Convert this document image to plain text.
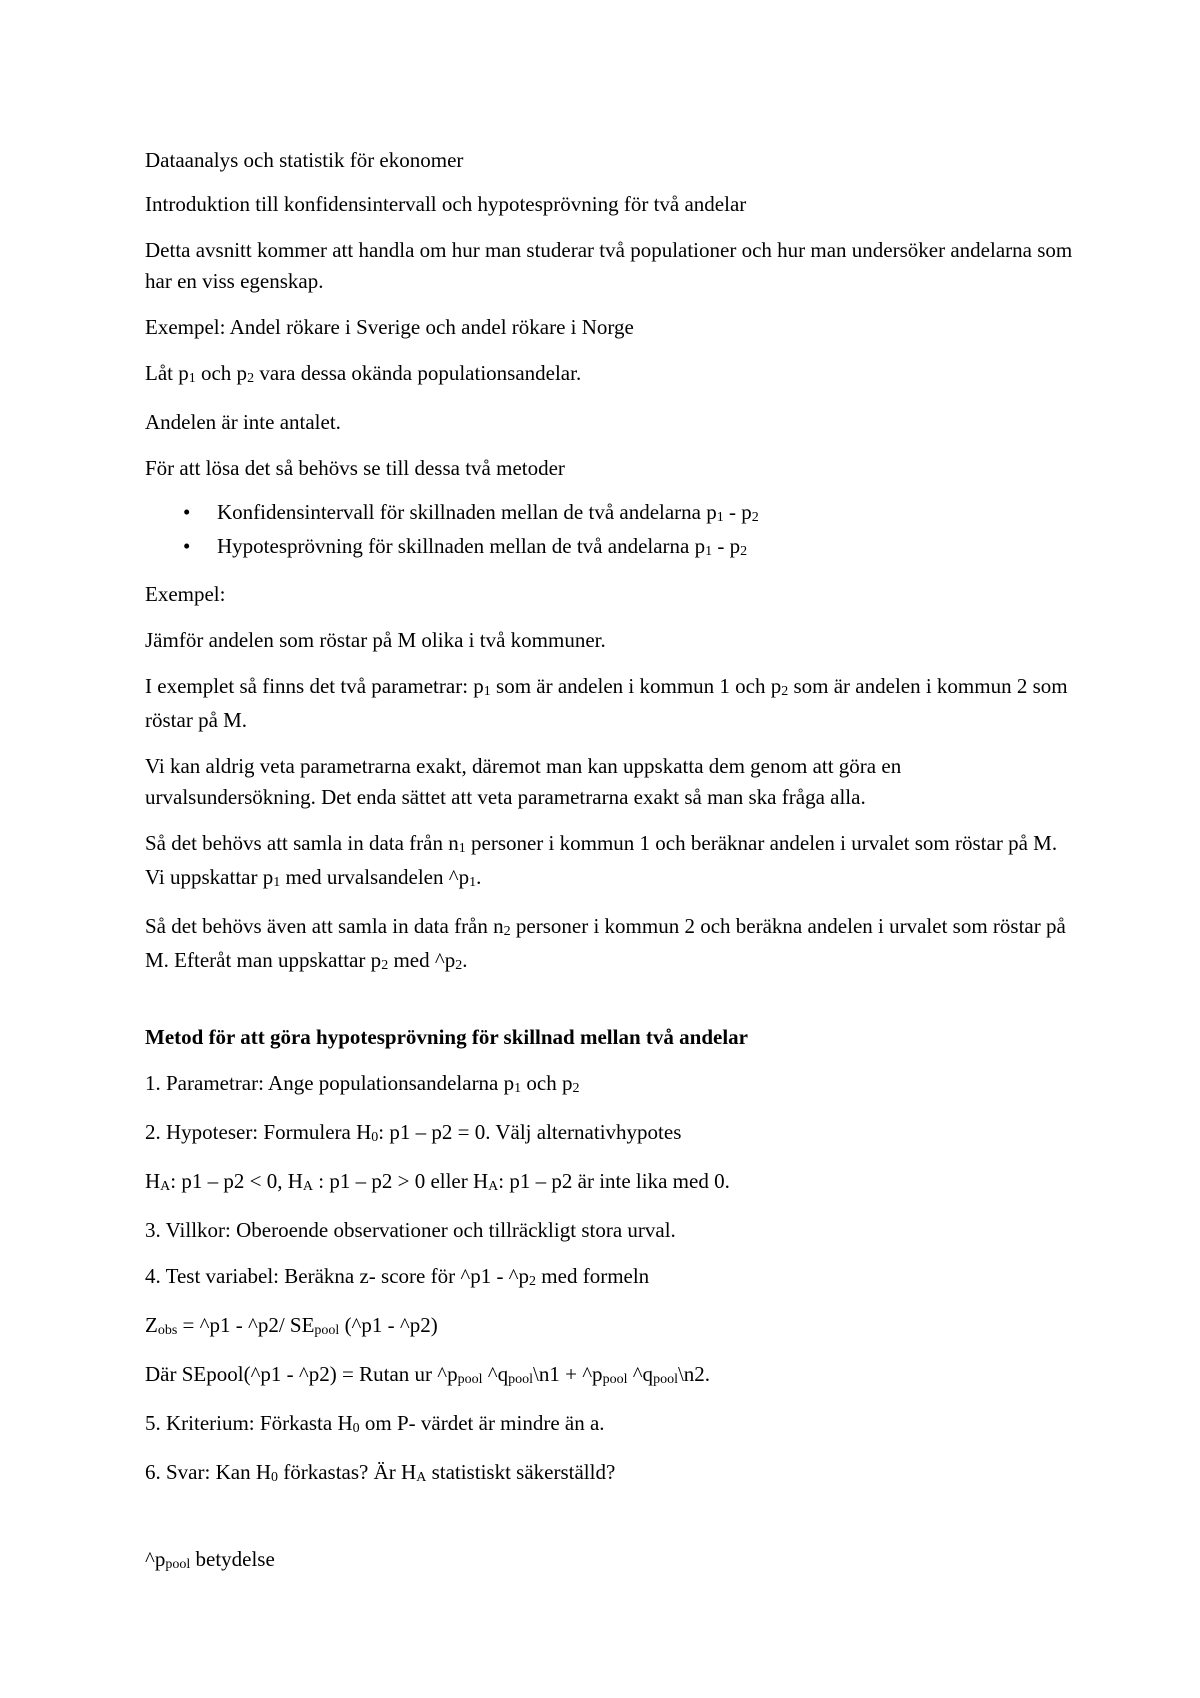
Dataanalys och statistik för ekonomer
Introduktion till konfidensintervall och hypotesprövning för två andelar
Detta avsnitt kommer att handla om hur man studerar två populationer och hur man undersöker andelarna som har en viss egenskap.
Exempel: Andel rökare i Sverige och andel rökare i Norge
Låt $p_1$ och $p_2$ vara dessa okända populationsandelar.
Andelen är inte antalet.
För att lösa det så behövs se till dessa två metoder
• Konfidensintervall för skillnaden mellan de två andelarna $p_1 - p_2$
• Hypotesprövning för skillnaden mellan de två andelarna $p_1 - p_2$
Exempel:
Jämför andelen som röstar på M olika i två kommuner.
I exemplet så finns det två parametrar: $p_1$ som är andelen i kommun 1 och $p_2$ som är andelen i kommun 2 som röstar på M.
Vi kan aldrig veta parametrarna exakt, däremot man kan uppskatta dem genom att göra en urvalsundersökning. Det enda sättet att veta parametrarna exakt så man ska fråga alla.
Så det behövs att samla in data från $n_1$ personer i kommun 1 och beräknar andelen i urvalet som röstar på M. Vi uppskattar $p_1$ med urvalsandelen $\^{}p_1$.
Så det behövs även att samla in data från $n_2$ personer i kommun 2 och beräkna andelen i urvalet som röstar på M. Efteråt man uppskattar $p_2$ med $\^{}p_2$.
Metod för att göra hypotesprövning för skillnad mellan två andelar
1. Parametrar: Ange populationsandelarna $p_1$ och $p_2$
2. Hypoteser: Formulera $H_0$: p1 – p2 = 0. Välj alternativhypotes
$H_A$: p1 – p2 < 0, $H_A$ : p1 – p2 > 0 eller $H_A$: p1 – p2 är inte lika med 0.
3. Villkor: Oberoende observationer och tillräckligt stora urval.
4. Test variabel: Beräkna z- score för ^p1 - $\^{}p_2$ med formeln
$Z_{obs}$ = ^p1 - ^p2/ $SE_{pool}$ (^p1 - ^p2)
Där SEpool(^p1 - ^p2) = Rutan ur $\^{}p_{pool}$ $\^{}q_{pool}\backslash n1$ + $\^{}p_{pool}$ $\^{}q_{pool}\backslash n2$.
5. Kriterium: Förkasta $H_0$ om P- värdet är mindre än a.
6. Svar: Kan $H_0$ förkastas? Är $H_A$ statistiskt säkerställd?
$\^{}p_{pool}$ betydelse
